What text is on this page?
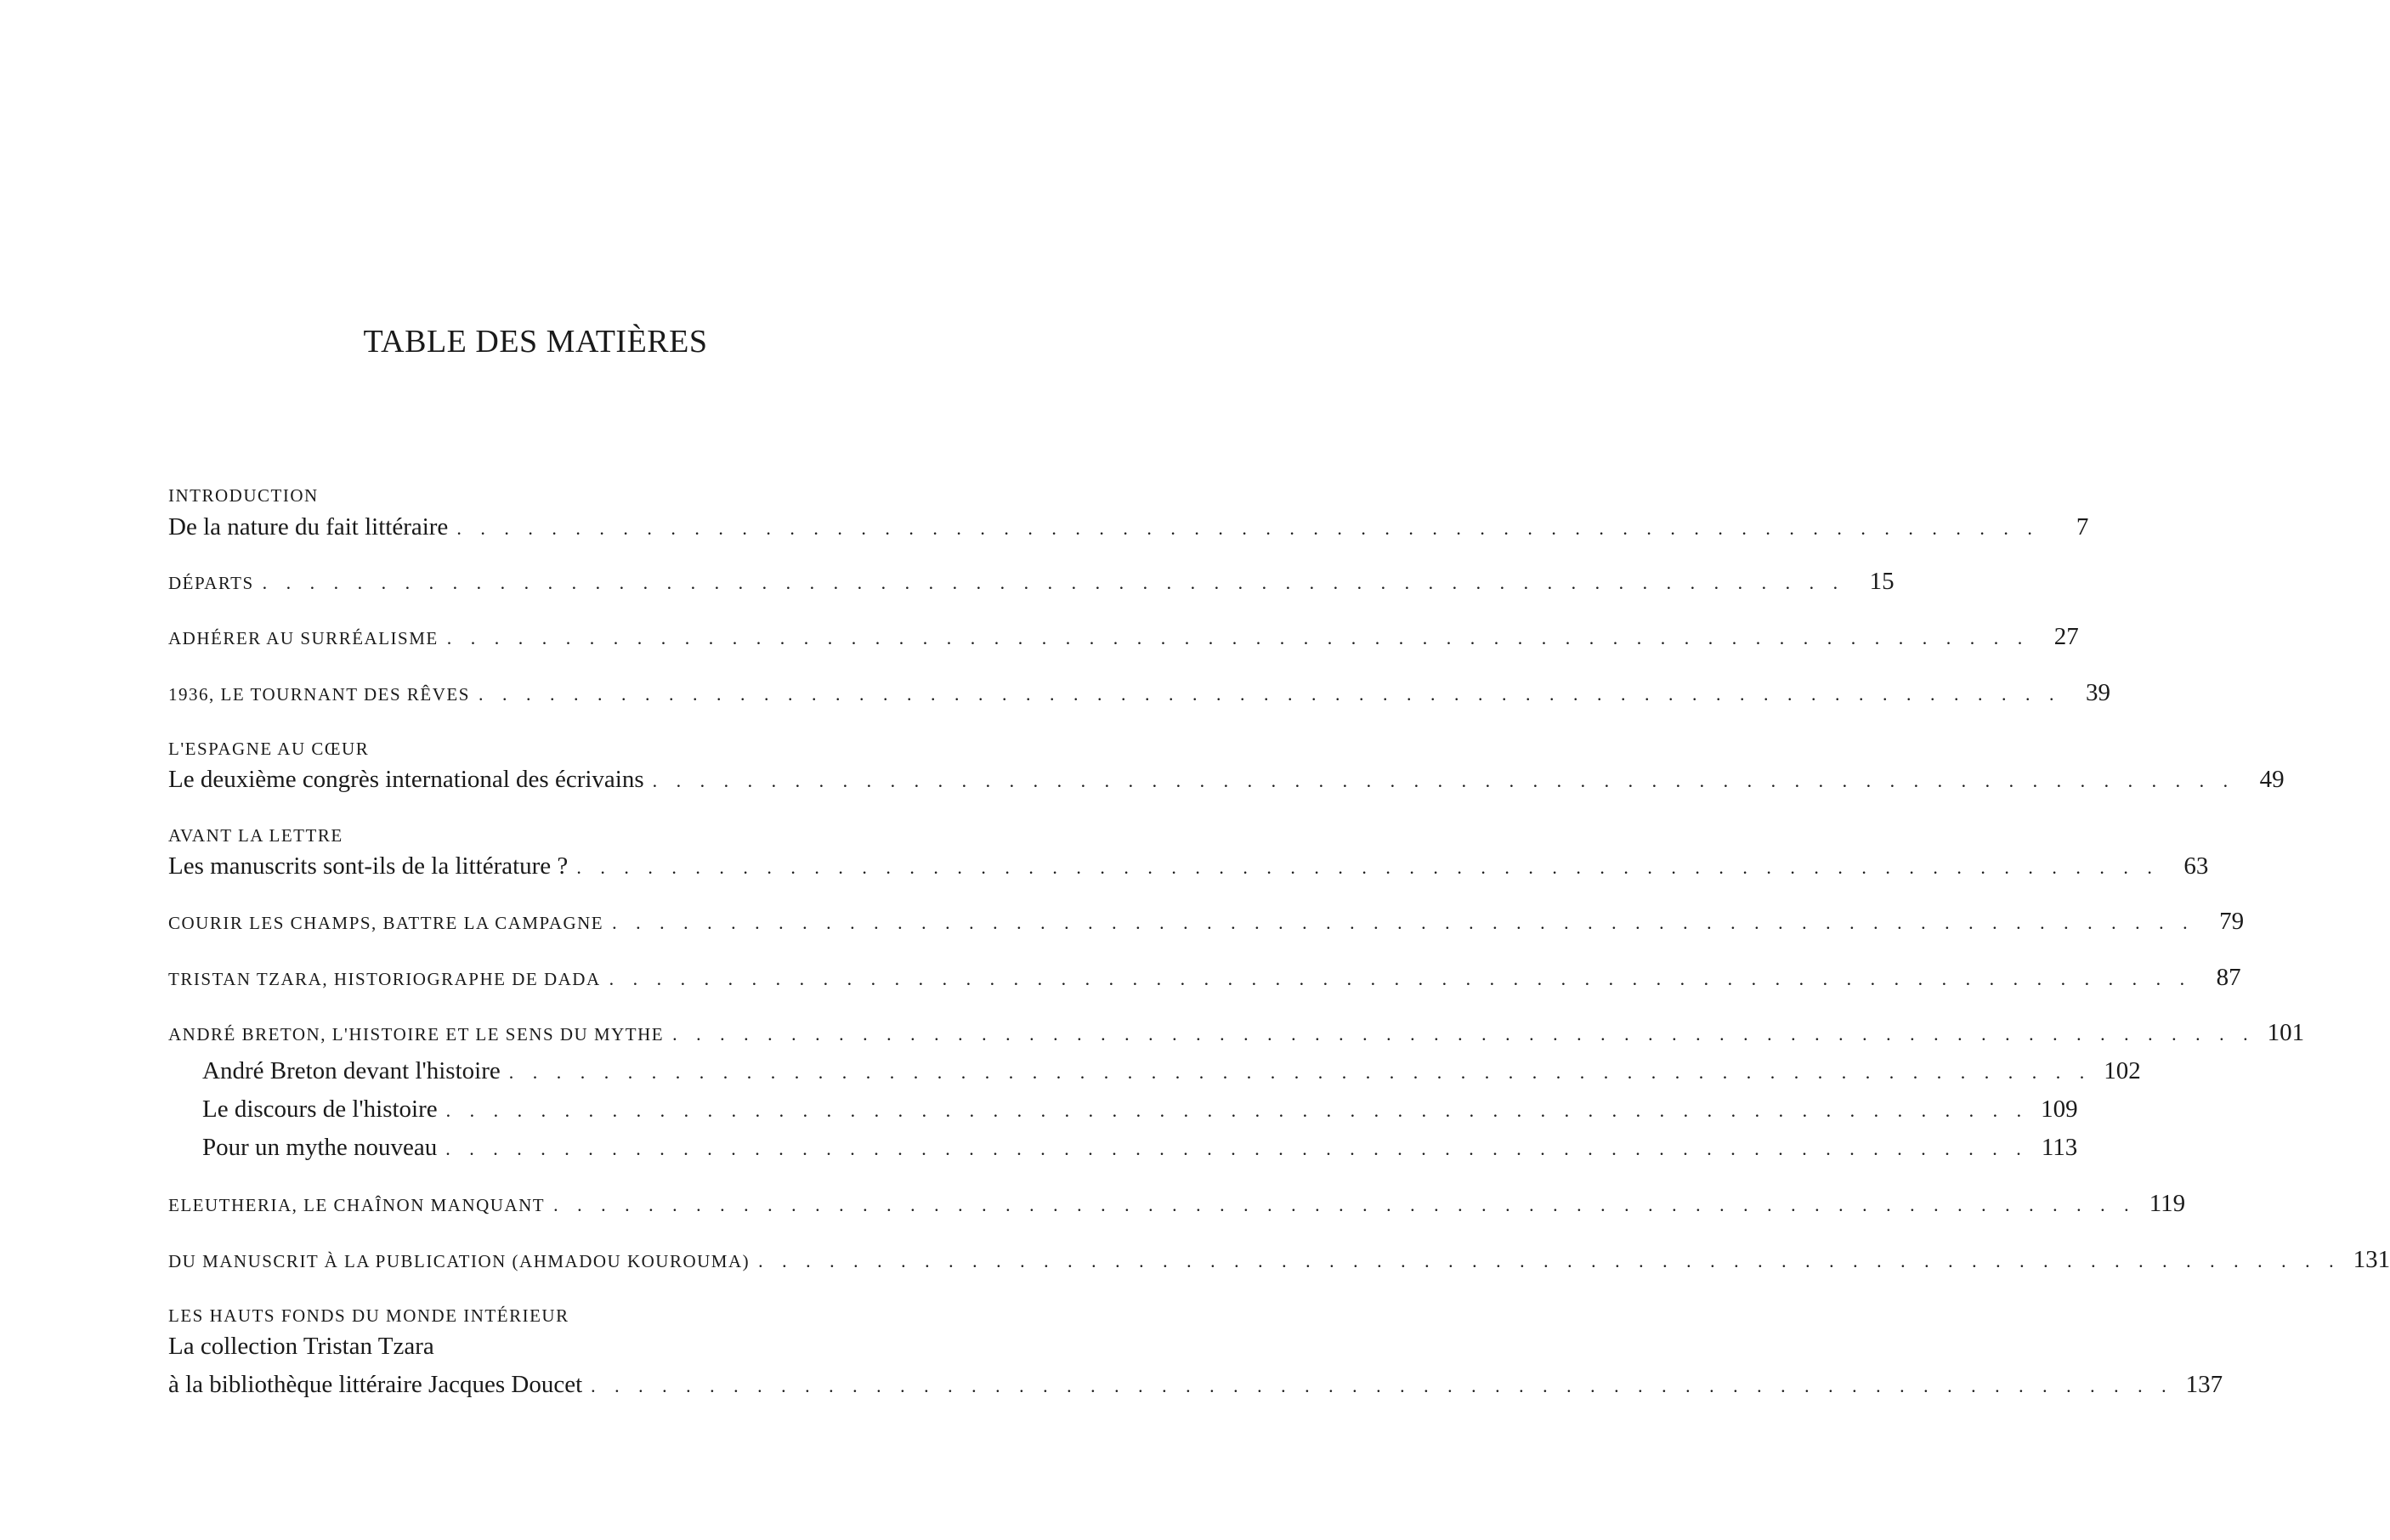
TABLE DES MATIÈRES
INTRODUCTION
De la nature du fait littéraire . . . . . . . . . . . . . . . . . . . . . . . . . . . . . . . . . . . . . . . . . . . . . . . . . . . . . . . . . . . . . . . . . . .	7
DÉPARTS . . . . . . . . . . . . . . . . . . . . . . . . . . . . . . . . . . . . . . . . . . . . . . . . . . . . . . . . . . . . . . . . . . .	15
ADHÉRER AU SURRÉALISME . . . . . . . . . . . . . . . . . . . . . . . . . . . . . . . . . . . . . . . . . . . . . . . . . . . . . . . . . . . . . . . . . . .	27
1936, LE TOURNANT DES RÊVES . . . . . . . . . . . . . . . . . . . . . . . . . . . . . . . . . . . . . . . . . . . . . . . . . . . . . . . . . . . . . . . . . . .	39
L'ESPAGNE AU CŒUR
Le deuxième congrès international des écrivains . . . . . . . . . . . . . . . . . . . . . . . . . . . . . . . . . . . . . . . . . . . . . . . . . . . . . . . . . . . . . . . . . . .	49
AVANT LA LETTRE
Les manuscrits sont-ils de la littérature ? . . . . . . . . . . . . . . . . . . . . . . . . . . . . . . . . . . . . . . . . . . . . . . . . . . . . . . . . . . . . . . . . . . .	63
COURIR LES CHAMPS, BATTRE LA CAMPAGNE . . . . . . . . . . . . . . . . . . . . . . . . . . . . . . . . . . . . . . . . . . . . . . . . . . . . . . . . . . . . . . . . . . .	79
TRISTAN TZARA, HISTORIOGRAPHE DE DADA . . . . . . . . . . . . . . . . . . . . . . . . . . . . . . . . . . . . . . . . . . . . . . . . . . . . . . . . . . . . . . . . . . .	87
ANDRÉ BRETON, L'HISTOIRE ET LE SENS DU MYTHE . . . . . . . . . . . . . . . . . . . . . . . . . . . . . . . . . . . . . . . . . . . . . . . . . . . . . . . . . . . . . . . . . . . 101
André Breton devant l'histoire . . . . . . . . . . . . . . . . . . . . . . . . . . . . . . . . . . . . . . . . . . . . . . . . . . . . . . . . . . . . . . . . . . . 102
Le discours de l'histoire . . . . . . . . . . . . . . . . . . . . . . . . . . . . . . . . . . . . . . . . . . . . . . . . . . . . . . . . . . . . . . . . . . . 109
Pour un mythe nouveau . . . . . . . . . . . . . . . . . . . . . . . . . . . . . . . . . . . . . . . . . . . . . . . . . . . . . . . . . . . . . . . . . . . 113
ELEUTHERIA, LE CHAÎNON MANQUANT . . . . . . . . . . . . . . . . . . . . . . . . . . . . . . . . . . . . . . . . . . . . . . . . . . . . . . . . . . . . . . . . . . . 119
DU MANUSCRIT À LA PUBLICATION (AHMADOU KOUROUMA) . . . . . . . . . . . . . . . . . . . . . . . . . . . . . . . . . . . . . . . . . . . . . . . . . . . . . . . . . . . . . . . . . . . 131
LES HAUTS FONDS DU MONDE INTÉRIEUR
La collection Tristan Tzara
à la bibliothèque littéraire Jacques Doucet . . . . . . . . . . . . . . . . . . . . . . . . . . . . . . . . . . . . . . . . . . . . . . . . . . . . . . . . . . . . . . . . . . . 137
